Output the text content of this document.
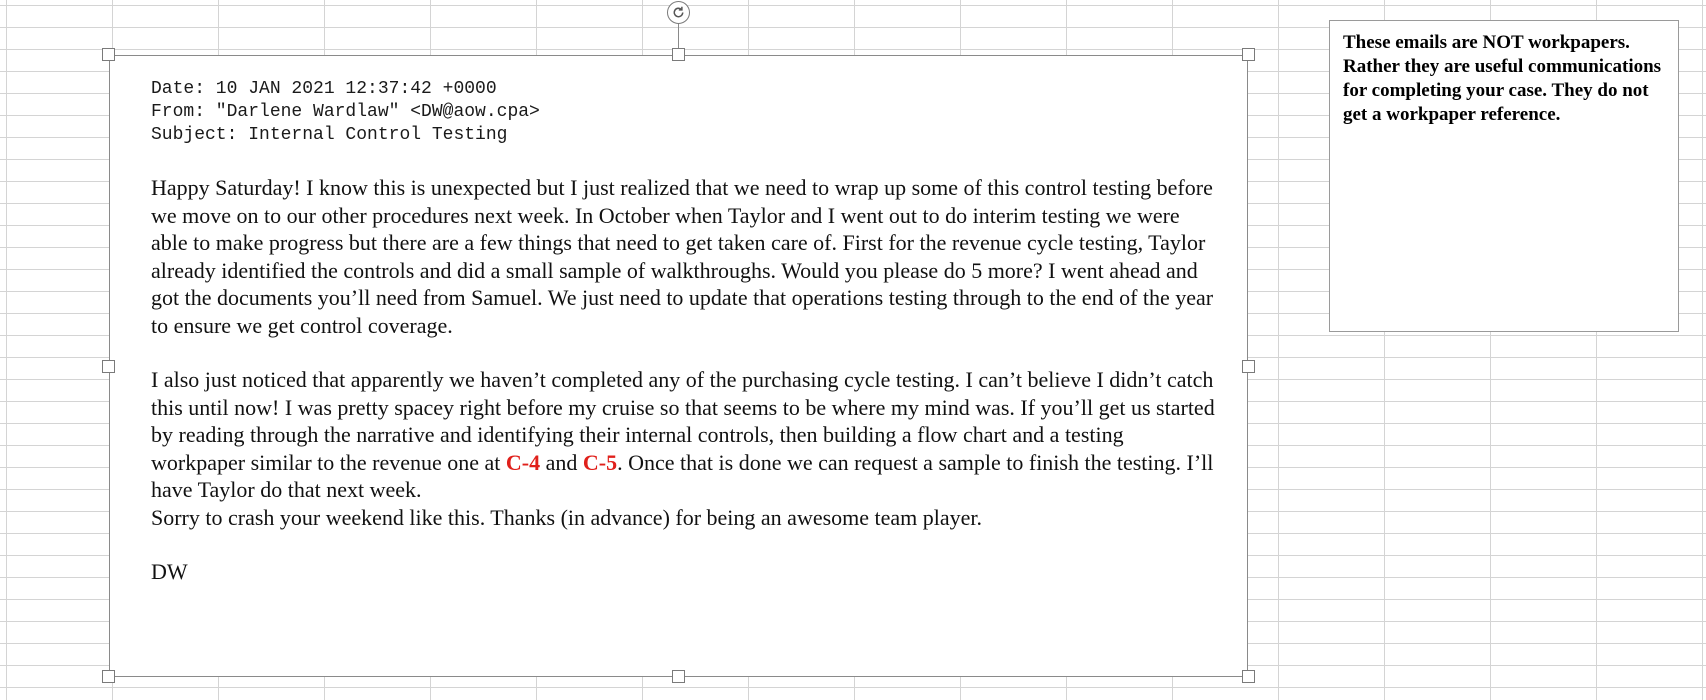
Date: 10 JAN 2021 12:37:42 +0000
From: "Darlene Wardlaw" <DW@aow.cpa>
Subject: Internal Control Testing

Happy Saturday! I know this is unexpected but I just realized that we need to wrap up some of this control testing before we move on to our other procedures next week. In October when Taylor and I went out to do interim testing we were able to make progress but there are a few things that need to get taken care of. First for the revenue cycle testing, Taylor already identified the controls and did a small sample of walkthroughs. Would you please do 5 more? I went ahead and got the documents you’ll need from Samuel. We just need to update that operations testing through to the end of the year to ensure we get control coverage.

I also just noticed that apparently we haven’t completed any of the purchasing cycle testing. I can’t believe I didn’t catch this until now! I was pretty spacey right before my cruise so that seems to be where my mind was. If you’ll get us started by reading through the narrative and identifying their internal controls, then building a flow chart and a testing workpaper similar to the revenue one at C-4 and C-5. Once that is done we can request a sample to finish the testing. I’ll have Taylor do that next week.

Sorry to crash your weekend like this. Thanks (in advance) for being an awesome team player.

DW

These emails are NOT workpapers. Rather they are useful communications for completing your case. They do not get a workpaper reference.
